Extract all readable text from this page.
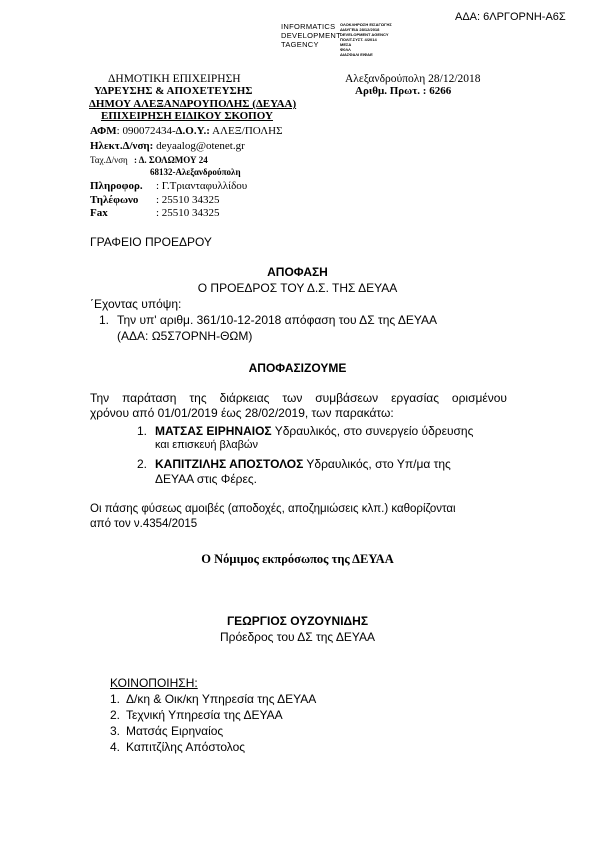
ΑΔΑ: 6ΛΡΓΟΡΝΗ-Α6Σ
INFORMATICS
DEVELOPMENT
TAGENCY
ΟΛΟΚΛΗΡΩΣΗ ΕΙΣΑΓΩΓΗΣ
ΔΙΑΥΓΕΙΑ 28/12/2018
DEVELOPMENT AGENCY
ΠΟΛΙΤ.ΣΥΣΤ. 4/2014
ΜΕΣΑ
Φ0ΛΛ
ΔΙΑΣΦΑΛΙ ΕΙΦΑΕ
ΔΗΜΟΤΙΚΗ ΕΠΙΧΕΙΡΗΣΗ
ΥΔΡΕΥΣΗΣ & ΑΠΟΧΕΤΕΥΣΗΣ
ΔΗΜΟΥ ΑΛΕΞΑΝΔΡΟΥΠΟΛΗΣ (ΔΕΥΑΑ)
ΕΠΙΧΕΙΡΗΣΗ ΕΙΔΙΚΟΥ ΣΚΟΠΟΥ
Αλεξανδρούπολη 28/12/2018
Αριθμ. Πρωτ. : 6266
ΑΦΜ: 090072434-Δ.Ο.Υ.: ΑΛΕΞ/ΠΟΛΗΣ
Ηλεκτ.Δ/νση: deyaalog@otenet.gr
Ταχ.Δ/νση : Δ. ΣΟΛΩΜΟΥ 24
68132-Αλεξανδρούπολη
Πληροφορ. : Γ.Τριανταφυλλίδου
Τηλέφωνο : 25510 34325
Fax	: 25510 34325
ΓΡΑΦΕΙΟ ΠΡΟΕΔΡΟΥ
ΑΠΟΦΑΣΗ
Ο ΠΡΟΕΔΡΟΣ ΤΟΥ Δ.Σ. ΤΗΣ ΔΕΥΑΑ
΄Εχοντας υπόψη:
1. Την υπ' αριθμ. 361/10-12-2018 απόφαση του ΔΣ της ΔΕΥΑΑ
(ΑΔΑ: Ω5Σ7ΟΡΝΗ-ΘΩΜ)
ΑΠΟΦΑΣΙΖΟΥΜΕ
Την παράταση της διάρκειας των συμβάσεων εργασίας ορισμένου
χρόνου από 01/01/2019 έως 28/02/2019, των παρακάτω:
1. ΜΑΤΣΑΣ ΕΙΡΗΝΑΙΟΣ Υδραυλικός, στο συνεργείο ύδρευσης
και επισκευή βλαβών
2. ΚΑΠΙΤΖΙΛΗΣ ΑΠΟΣΤΟΛΟΣ Υδραυλικός, στο Υπ/μα της
ΔΕΥΑΑ στις Φέρες.
Οι πάσης φύσεως αμοιβές (αποδοχές, αποζημιώσεις κλπ.) καθορίζονται
από τον ν.4354/2015
Ο Νόμιμος εκπρόσωπος της ΔΕΥΑΑ
ΓΕΩΡΓΙΟΣ ΟΥΖΟΥΝΙΔΗΣ
Πρόεδρος του ΔΣ της ΔΕΥΑΑ
ΚΟΙΝΟΠΟΙΗΣΗ:
1. Δ/κη & Οικ/κη Υπηρεσία της ΔΕΥΑΑ
2. Τεχνική Υπηρεσία της ΔΕΥΑΑ
3. Ματσάς Ειρηναίος
4. Καπιτζίλης Απόστολος
